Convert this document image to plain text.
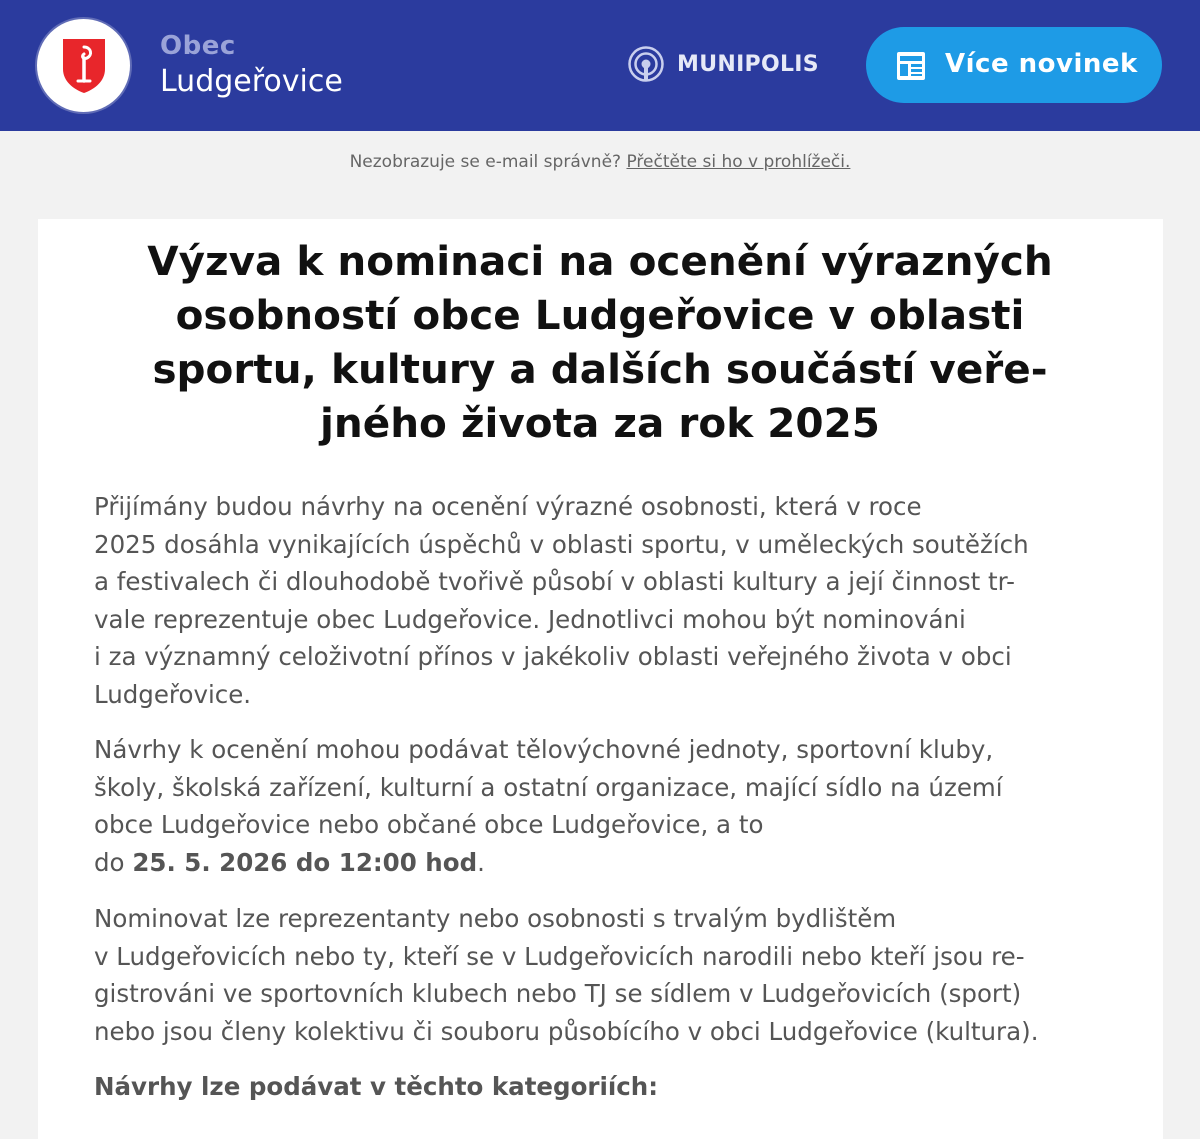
Obec
Ludgeřovice	MUNIPOLIS	Více novinek
Nezobrazuje se e-mail správně? Přečtěte si ho v prohlížeči.
Výzva k nominaci na ocenění výrazných
osobností obce Ludgeřovice v oblasti
sportu, kultury a dalších součástí veře-
jného života za rok 2025

Přijímány budou návrhy na ocenění výrazné osobnosti, která v roce
2025 dosáhla vynikajících úspěchů v oblasti sportu, v uměleckých soutěžích
a festivalech či dlouhodobě tvořivě působí v oblasti kultury a její činnost tr-
vale reprezentuje obec Ludgeřovice. Jednotlivci mohou být nominováni
i za významný celoživotní přínos v jakékoliv oblasti veřejného života v obci
Ludgeřovice.

Návrhy k ocenění mohou podávat tělovýchovné jednoty, sportovní kluby,
školy, školská zařízení, kulturní a ostatní organizace, mající sídlo na území
obce Ludgeřovice nebo občané obce Ludgeřovice, a to
do 25. 5. 2026 do 12:00 hod.

Nominovat lze reprezentanty nebo osobnosti s trvalým bydlištěm
v Ludgeřovicích nebo ty, kteří se v Ludgeřovicích narodili nebo kteří jsou re-
gistrováni ve sportovních klubech nebo TJ se sídlem v Ludgeřovicích (sport)
nebo jsou členy kolektivu či souboru působícího v obci Ludgeřovice (kultura).

Návrhy lze podávat v těchto kategoriích:
